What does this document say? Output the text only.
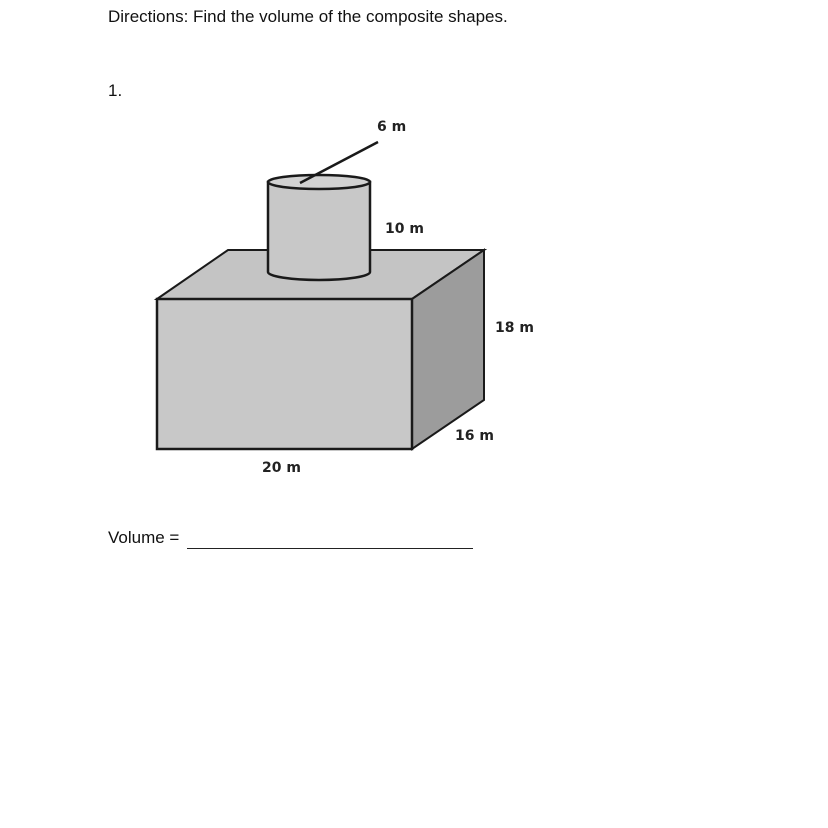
Directions: Find the volume of the composite shapes.
1.
6 m
10 m
18 m
16 m
20 m
Volume =
